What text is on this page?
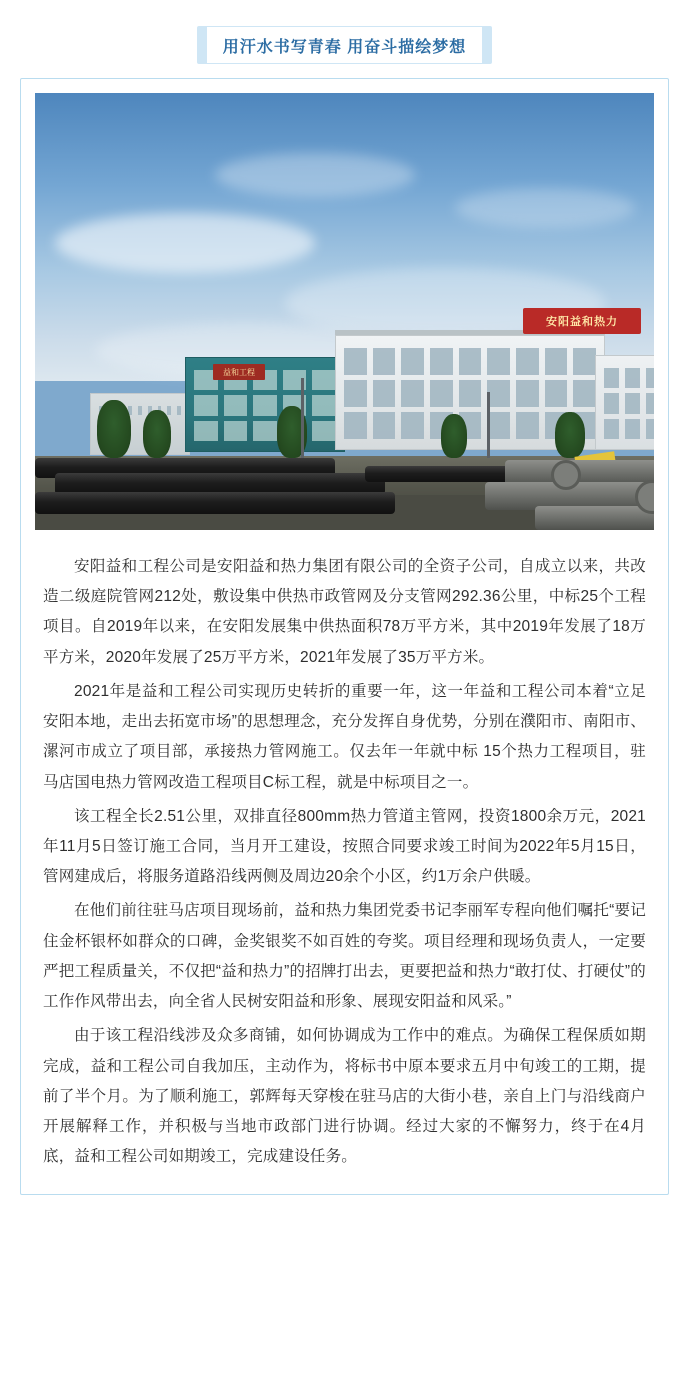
用汗水书写青春 用奋斗描绘梦想
益和工程
安阳益和热力

安阳益和工程公司是安阳益和热力集团有限公司的全资子公司，自成立以来，共改造二级庭院管网212处，敷设集中供热市政管网及分支管网292.36公里，中标25个工程项目。自2019年以来，在安阳发展集中供热面积78万平方米，其中2019年发展了18万平方米，2020年发展了25万平方米，2021年发展了35万平方米。

2021年是益和工程公司实现历史转折的重要一年，这一年益和工程公司本着“立足安阳本地，走出去拓宽市场”的思想理念，充分发挥自身优势，分别在濮阳市、南阳市、漯河市成立了项目部，承接热力管网施工。仅去年一年就中标 15个热力工程项目，驻马店国电热力管网改造工程项目C标工程，就是中标项目之一。

该工程全长2.51公里，双排直径800mm热力管道主管网，投资1800余万元，2021年11月5日签订施工合同，当月开工建设，按照合同要求竣工时间为2022年5月15日，管网建成后，将服务道路沿线两侧及周边20余个小区，约1万余户供暖。

在他们前往驻马店项目现场前，益和热力集团党委书记李丽军专程向他们嘱托“要记住金杯银杯如群众的口碑，金奖银奖不如百姓的夸奖。项目经理和现场负责人，一定要严把工程质量关，不仅把“益和热力”的招牌打出去，更要把益和热力“敢打仗、打硬仗”的工作作风带出去，向全省人民树安阳益和形象、展现安阳益和风采。”

由于该工程沿线涉及众多商铺，如何协调成为工作中的难点。为确保工程保质如期完成，益和工程公司自我加压，主动作为，将标书中原本要求五月中旬竣工的工期，提前了半个月。为了顺利施工，郭辉每天穿梭在驻马店的大街小巷，亲自上门与沿线商户开展解释工作，并积极与当地市政部门进行协调。经过大家的不懈努力，终于在4月底，益和工程公司如期竣工，完成建设任务。
